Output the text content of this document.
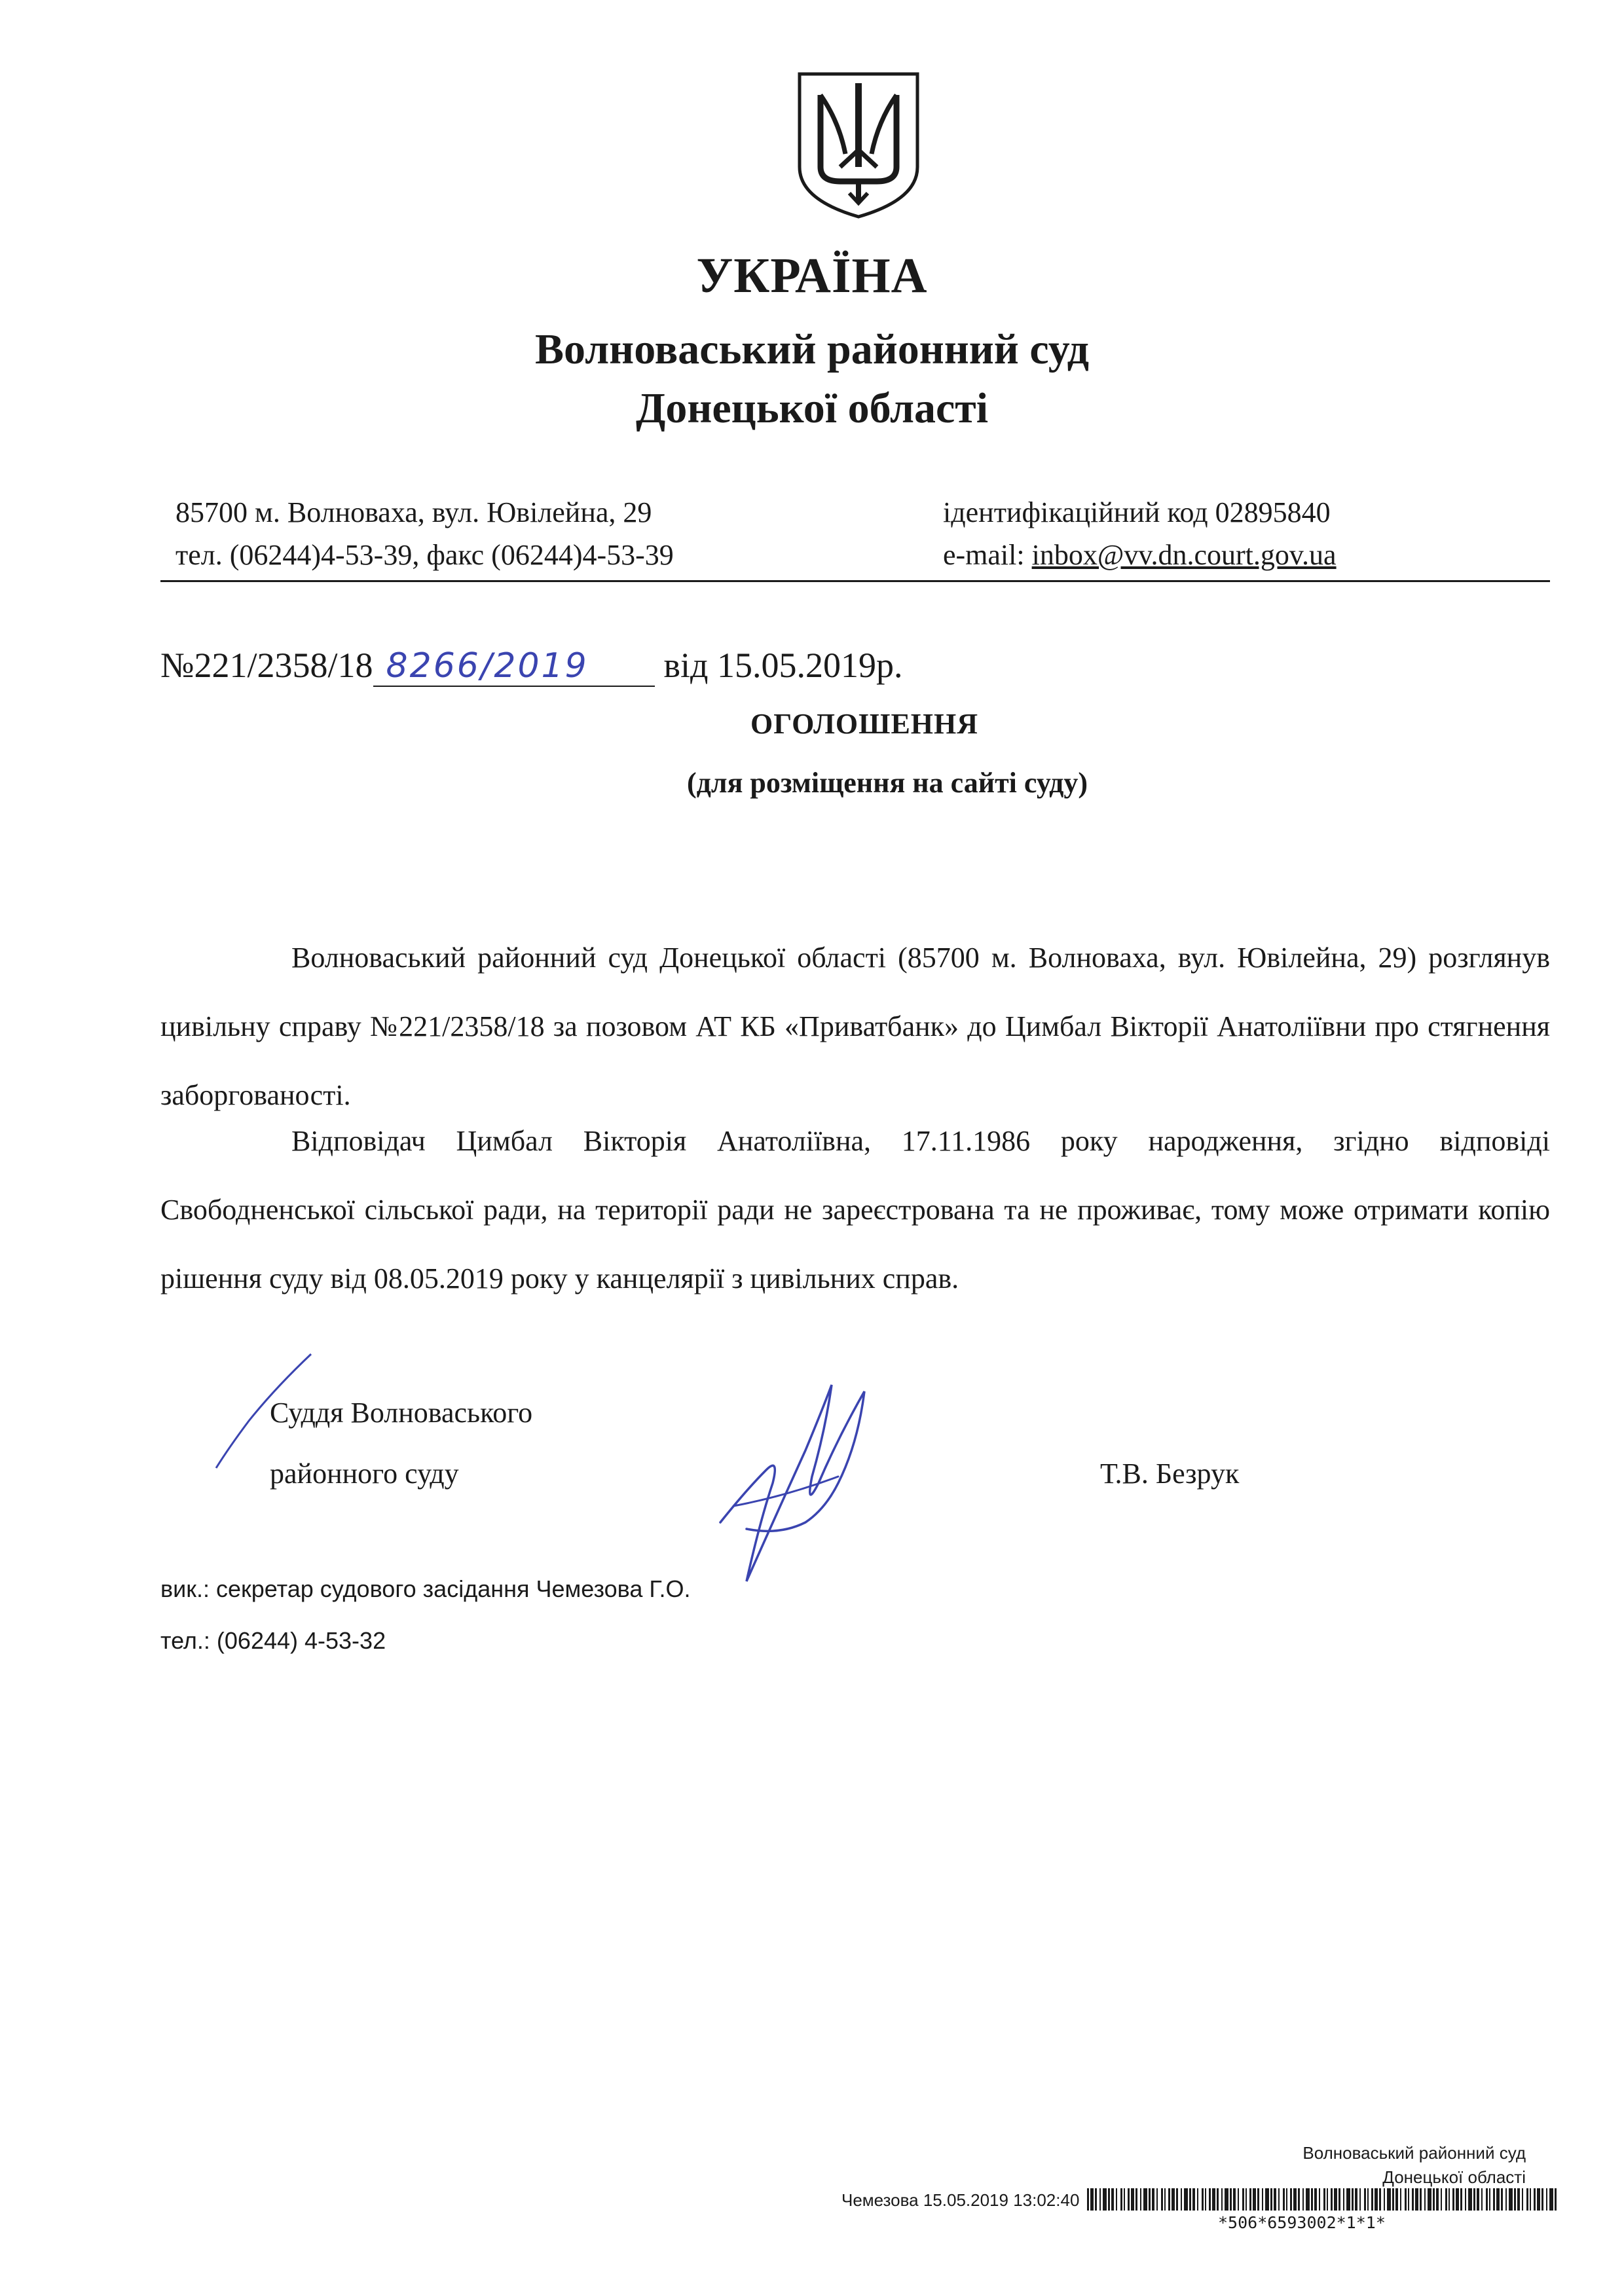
УКРАЇНА
Волноваський районний суд
Донецької області
85700 м. Волноваха, вул. Ювілейна, 29
тел. (06244)4-53-39, факс (06244)4-53-39
ідентифікаційний код 02895840
e-mail: inbox@vv.dn.court.gov.ua
№221/2358/18 8266/2019 від 15.05.2019р.
ОГОЛОШЕННЯ
(для розміщення на сайті суду)
Волноваський районний суд Донецької області (85700 м. Волноваха, вул. Ювілейна, 29) розглянув цивільну справу №221/2358/18 за позовом АТ КБ «Приватбанк» до Цимбал Вікторії Анатоліївни про стягнення заборгованості.
Відповідач Цимбал Вікторія Анатоліївна, 17.11.1986 року народження, згідно відповіді Свободненської сільської ради, на території ради не зареєстрована та не проживає, тому може отримати копію рішення суду від 08.05.2019 року у канцелярії з цивільних справ.
Суддя Волноваського
районного суду	Т.В. Безрук
вик.: секретар судового засідання Чемезова Г.О.
тел.: (06244) 4-53-32
Волноваський районний суд
Донецької області
Чемезова 15.05.2019 13:02:40
*506*6593002*1*1*
